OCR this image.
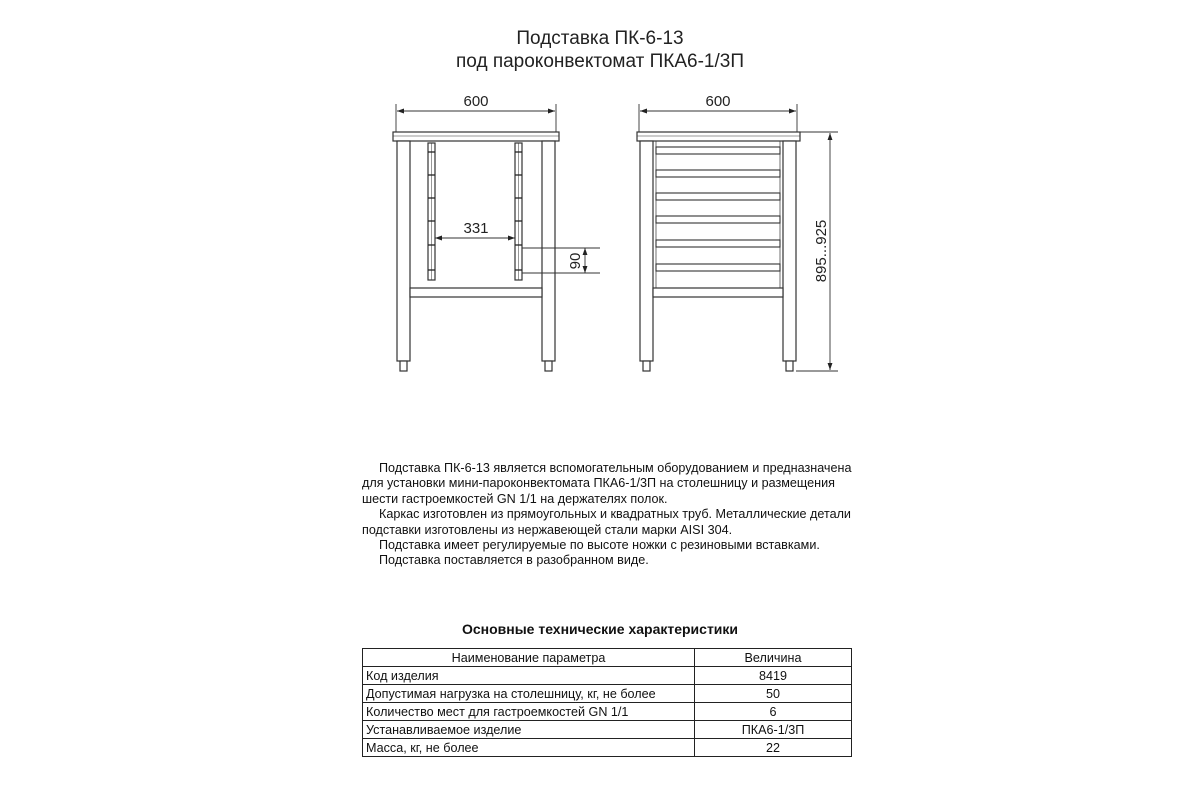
Подставка ПК-6-13
под пароконвектомат ПКА6-1/3П
600	600
331
90	895...925

Подставка ПК-6-13 является вспомогательным оборудованием и предназначена для установки мини-пароконвектомата ПКА6-1/3П на столешницу и размещения шести гастроемкостей GN 1/1 на держателях полок.

Каркас изготовлен из прямоугольных и квадратных труб. Металлические детали подставки изготовлены из нержавеющей стали марки AISI 304.

Подставка имеет регулируемые по высоте ножки с резиновыми вставками.

Подставка поставляется в разобранном виде.

Основные технические характеристики
Наименование параметра	Величина
Код изделия	8419
Допустимая нагрузка на столешницу, кг, не более	50
Количество мест для гастроемкостей GN 1/1	6
Устанавливаемое изделие	ПКА6-1/3П
Масса, кг, не более	22
